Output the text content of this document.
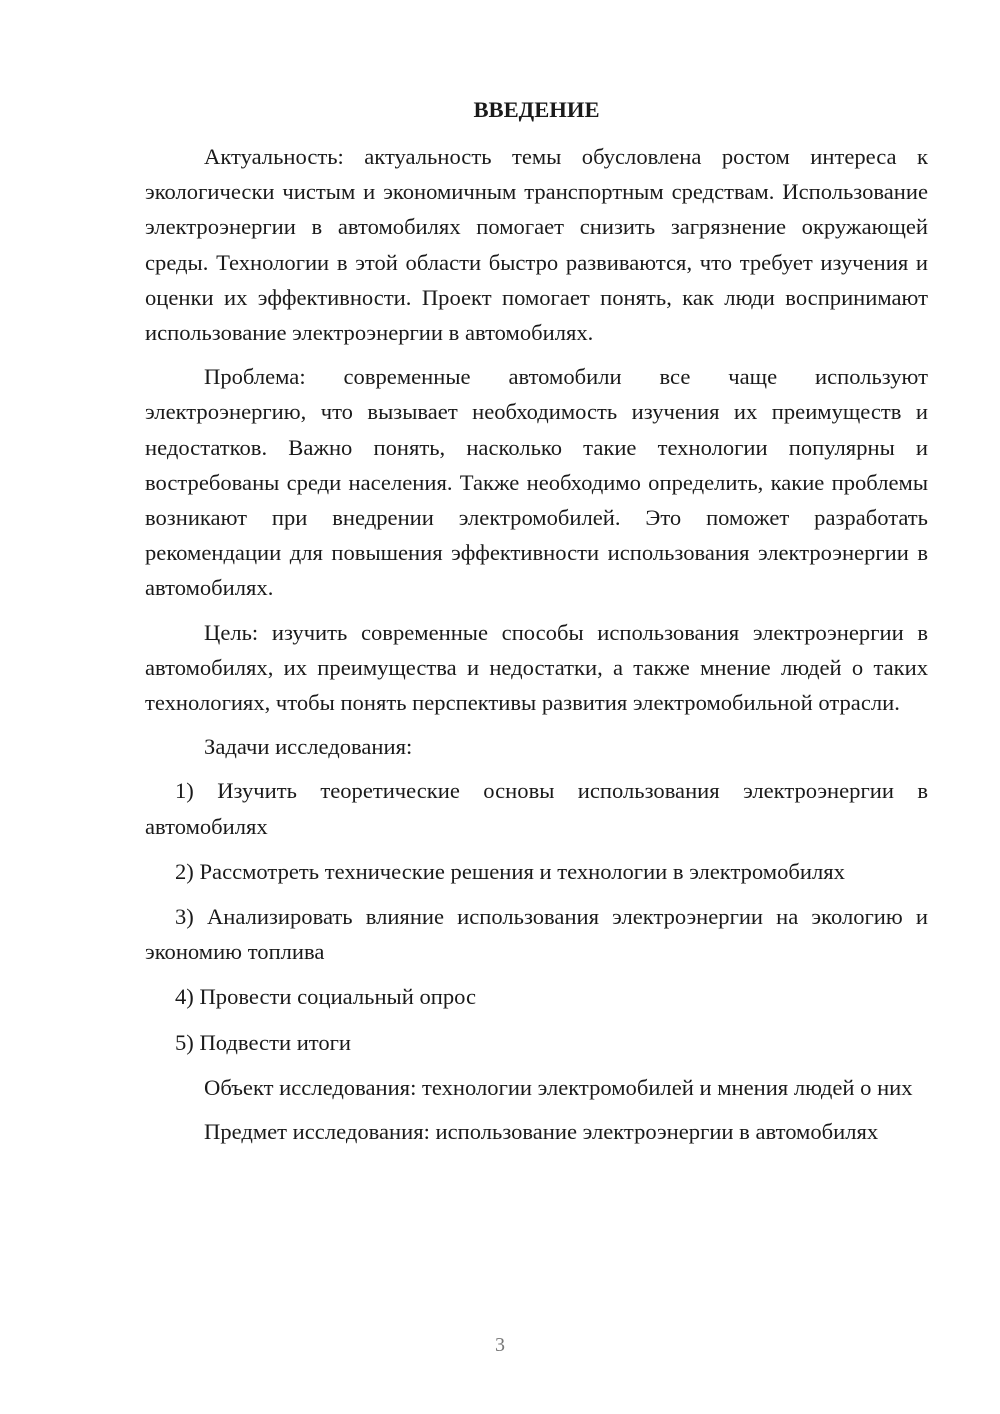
ВВЕДЕНИЕ

Актуальность: актуальность темы обусловлена ростом интереса к экологически чистым и экономичным транспортным средствам. Использование электроэнергии в автомобилях помогает снизить загрязнение окружающей среды. Технологии в этой области быстро развиваются, что требует изучения и оценки их эффективности. Проект помогает понять, как люди воспринимают использование электроэнергии в автомобилях.

Проблема: современные автомобили все чаще используют электроэнергию, что вызывает необходимость изучения их преимуществ и недостатков. Важно понять, насколько такие технологии популярны и востребованы среди населения. Также необходимо определить, какие проблемы возникают при внедрении электромобилей. Это поможет разработать рекомендации для повышения эффективности использования электроэнергии в автомобилях.

Цель: изучить современные способы использования электроэнергии в автомобилях, их преимущества и недостатки, а также мнение людей о таких технологиях, чтобы понять перспективы развития электромобильной отрасли.

Задачи исследования:

1) Изучить теоретические основы использования электроэнергии в автомобилях

2) Рассмотреть технические решения и технологии в электромобилях

3) Анализировать влияние использования электроэнергии на экологию и экономию топлива

4) Провести социальный опрос

5) Подвести итоги

Объект исследования: технологии электромобилей и мнения людей о них

Предмет исследования: использование электроэнергии в автомобилях

3
